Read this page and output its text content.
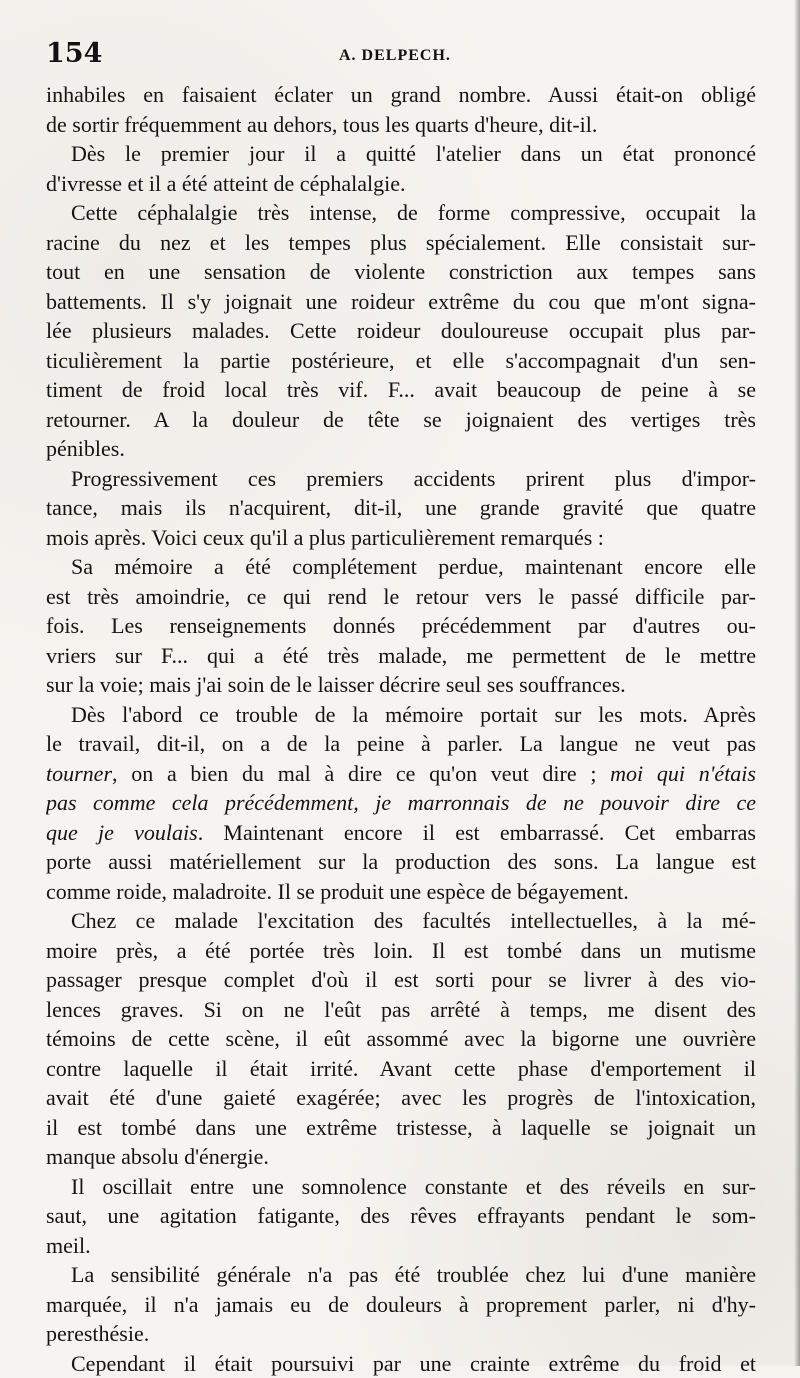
154	A. DELPECH.
inhabiles en faisaient éclater un grand nombre. Aussi était-on obligé
de sortir fréquemment au dehors, tous les quarts d'heure, dit-il.
Dès le premier jour il a quitté l'atelier dans un état prononcé
d'ivresse et il a été atteint de céphalalgie.
Cette céphalalgie très intense, de forme compressive, occupait la
racine du nez et les tempes plus spécialement. Elle consistait sur-
tout en une sensation de violente constriction aux tempes sans
battements. Il s'y joignait une roideur extrême du cou que m'ont signa-
lée plusieurs malades. Cette roideur douloureuse occupait plus par-
ticulièrement la partie postérieure, et elle s'accompagnait d'un sen-
timent de froid local très vif. F... avait beaucoup de peine à se
retourner. A la douleur de tête se joignaient des vertiges très
pénibles.
Progressivement ces premiers accidents prirent plus d'impor-
tance, mais ils n'acquirent, dit-il, une grande gravité que quatre
mois après. Voici ceux qu'il a plus particulièrement remarqués :
Sa mémoire a été complétement perdue, maintenant encore elle
est très amoindrie, ce qui rend le retour vers le passé difficile par-
fois. Les renseignements donnés précédemment par d'autres ou-
vriers sur F... qui a été très malade, me permettent de le mettre
sur la voie; mais j'ai soin de le laisser décrire seul ses souffrances.
Dès l'abord ce trouble de la mémoire portait sur les mots. Après
le travail, dit-il, on a de la peine à parler. La langue ne veut pas
tourner, on a bien du mal à dire ce qu'on veut dire ; moi qui n'étais
pas comme cela précédemment, je marronnais de ne pouvoir dire ce
que je voulais. Maintenant encore il est embarrassé. Cet embarras
porte aussi matériellement sur la production des sons. La langue est
comme roide, maladroite. Il se produit une espèce de bégayement.
Chez ce malade l'excitation des facultés intellectuelles, à la mé-
moire près, a été portée très loin. Il est tombé dans un mutisme
passager presque complet d'où il est sorti pour se livrer à des vio-
lences graves. Si on ne l'eût pas arrêté à temps, me disent des
témoins de cette scène, il eût assommé avec la bigorne une ouvrière
contre laquelle il était irrité. Avant cette phase d'emportement il
avait été d'une gaieté exagérée; avec les progrès de l'intoxication,
il est tombé dans une extrême tristesse, à laquelle se joignait un
manque absolu d'énergie.
Il oscillait entre une somnolence constante et des réveils en sur-
saut, une agitation fatigante, des rêves effrayants pendant le som-
meil.
La sensibilité générale n'a pas été troublée chez lui d'une manière
marquée, il n'a jamais eu de douleurs à proprement parler, ni d'hy-
peresthésie.
Cependant il était poursuivi par une crainte extrême du froid et
